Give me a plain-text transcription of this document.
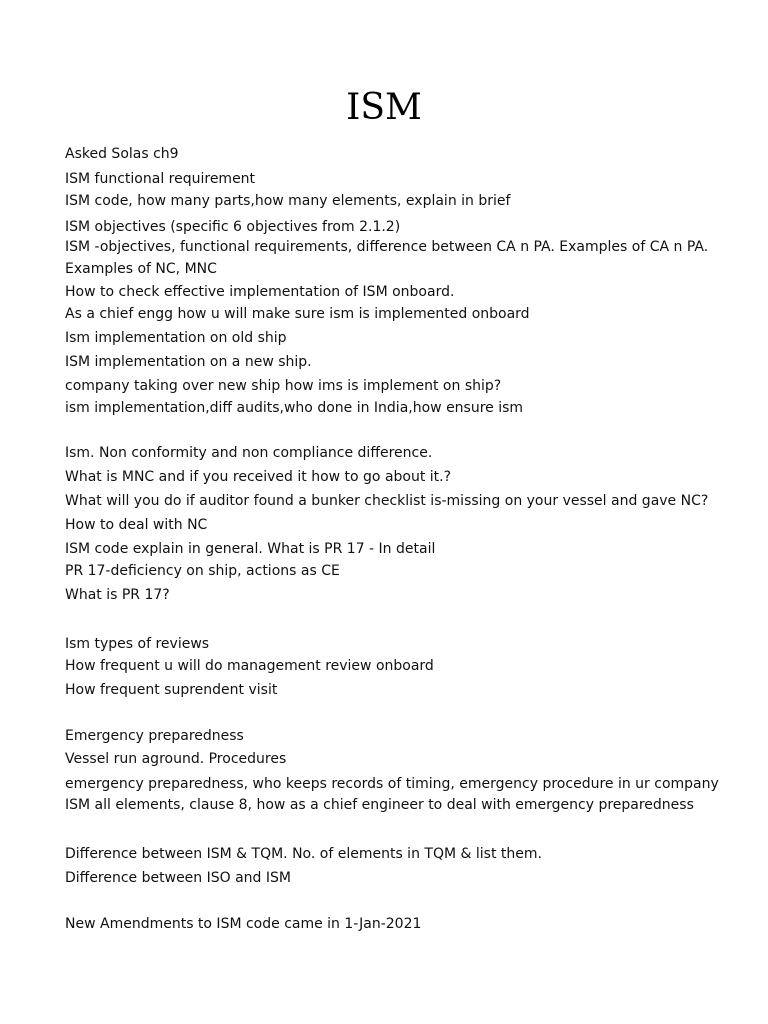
ISM
Asked Solas ch9
ISM functional requirement
ISM code, how many parts,how many elements, explain in brief
ISM objectives (specific 6 objectives from 2.1.2)
ISM -objectives, functional requirements, difference between CA n PA. Examples of CA n PA.
Examples of NC, MNC
How to check effective implementation of ISM onboard.
As a chief engg how u will make sure ism is implemented onboard
Ism implementation on old ship
ISM implementation on a new ship.
company taking over new ship how ims is implement on ship?
ism implementation,diff audits,who done in India,how ensure ism
Ism. Non conformity and non compliance difference.
What is MNC and if you received it how to go about it.?
What will you do if auditor found a bunker checklist is-missing on your vessel and gave NC?
How to deal with NC
ISM code explain in general. What is PR 17 - In detail
PR 17-deficiency on ship, actions as CE
What is PR 17?
Ism types of reviews
How frequent u will do management review onboard
How frequent suprendent visit
Emergency preparedness
Vessel run aground. Procedures
emergency preparedness, who keeps records of timing, emergency procedure in ur company
ISM all elements, clause 8, how as a chief engineer to deal with emergency preparedness
Difference between ISM & TQM. No. of elements in TQM & list them.
Difference between ISO and ISM
New Amendments to ISM code came in 1-Jan-2021
